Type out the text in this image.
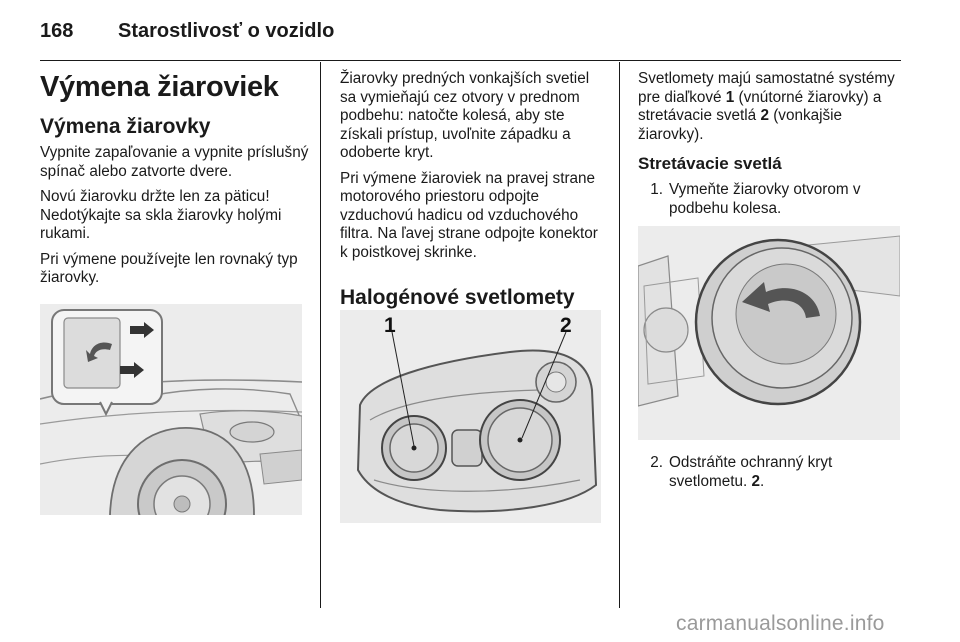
168 Starostlivosť o vozidlo
Výmena žiaroviek
Výmena žiarovky

Vypnite zapaľovanie a vypnite príslušný spínač alebo zatvorte dvere.

Novú žiarovku držte len za päticu! Nedotýkajte sa skla žiarovky holými rukami.

Pri výmene používejte len rovnaký typ žiarovky.

Žiarovky predných vonkajších svetiel sa vymieňajú cez otvory v prednom podbehu: natočte kolesá, aby ste získali prístup, uvoľnite západku a odoberte kryt.

Pri výmene žiaroviek na pravej strane motorového priestoru odpojte vzduchovú hadicu od vzduchového filtra. Na ľavej strane odpojte konektor k poistkovej skrinke.

Halogénové svetlomety
1	2

Svetlomety majú samostatné systémy pre diaľkové 1 (vnútorné žiarovky) a stretávacie svetlá 2 (vonkajšie žiarovky).

Stretávacie svetlá
1. Vymeňte žiarovky otvorom v podbehu kolesa.
2. Odstráňte ochranný kryt svetlometu. 2.
carmanualsonline.info
